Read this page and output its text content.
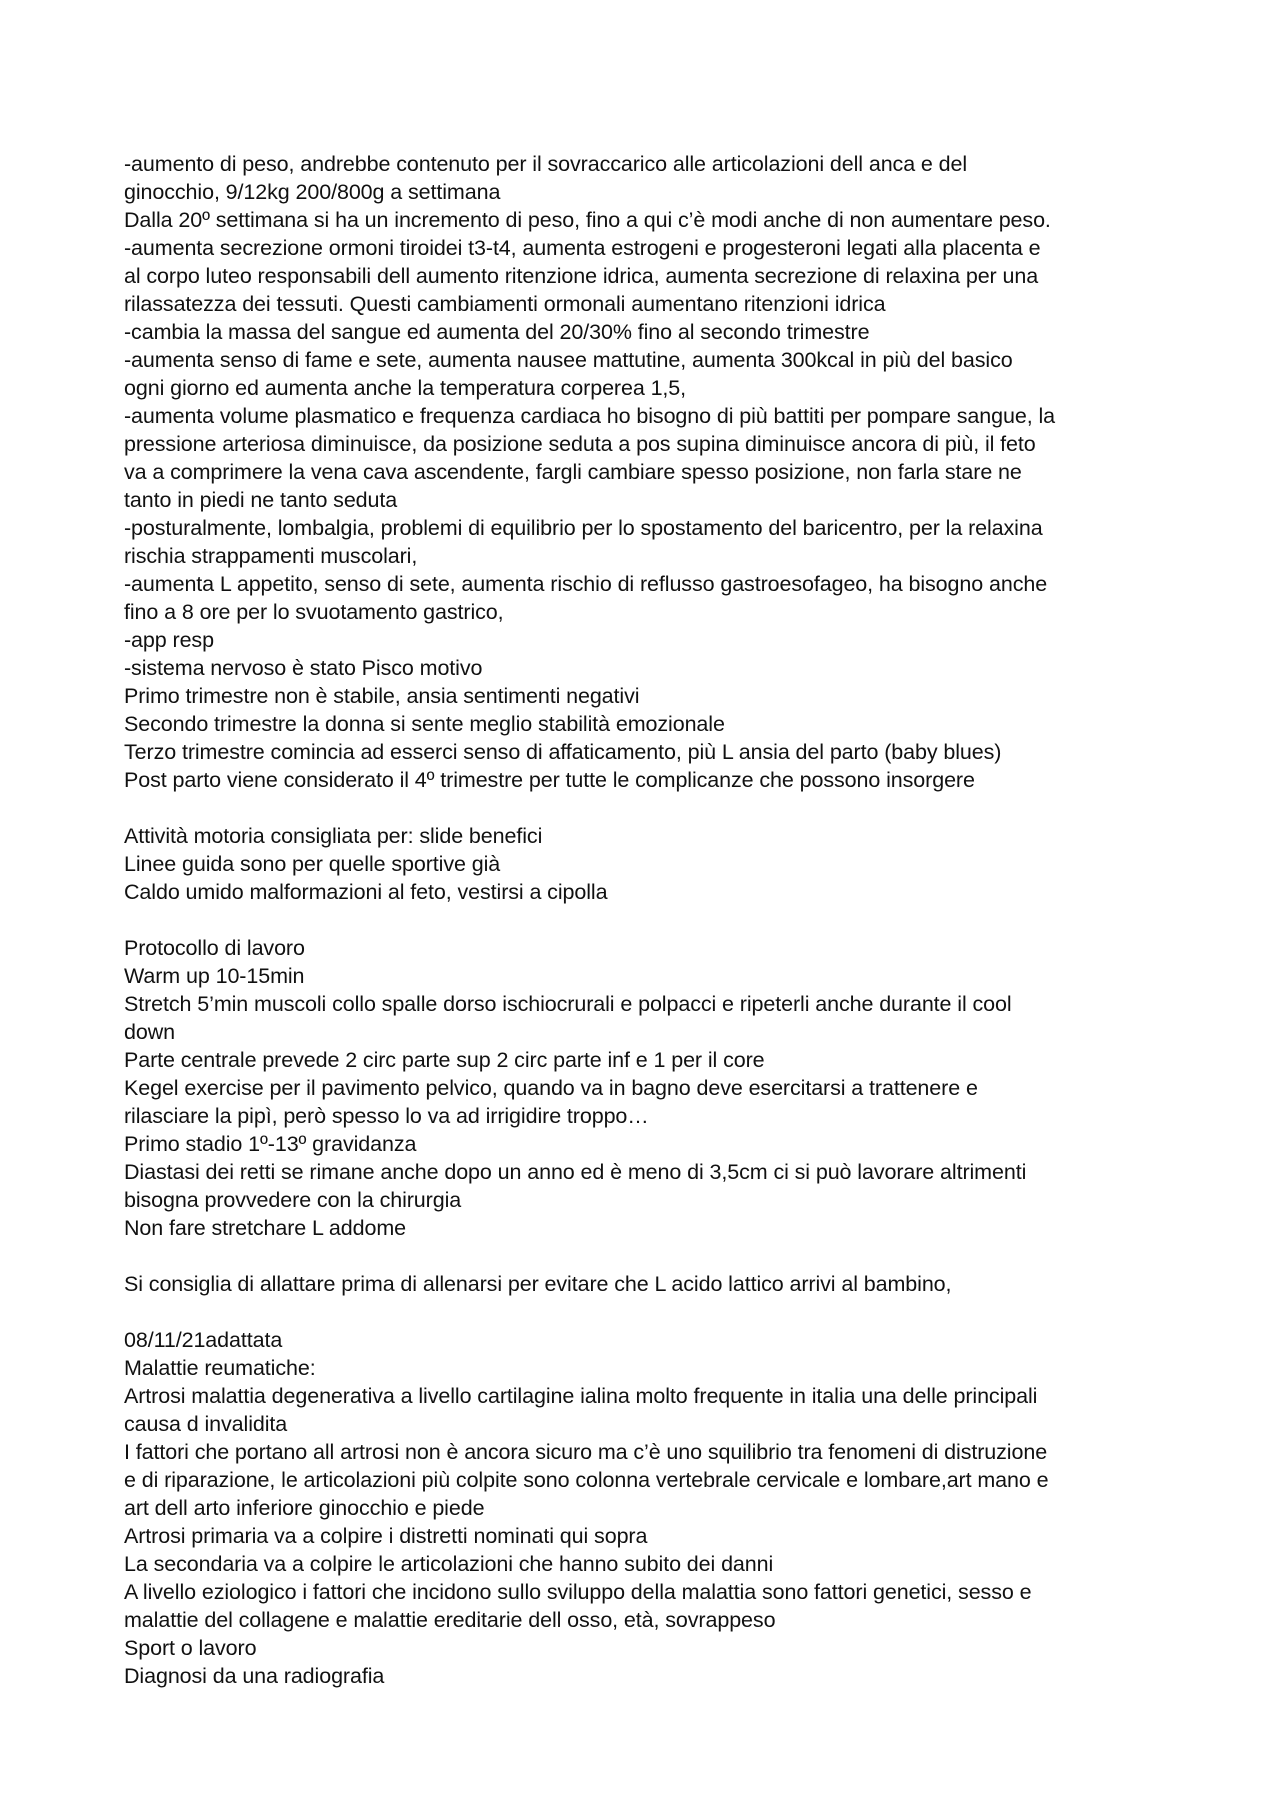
-aumento di peso, andrebbe contenuto per il sovraccarico alle articolazioni dell anca e del
ginocchio, 9/12kg 200/800g a settimana
Dalla 20º settimana si ha un incremento di peso, fino a qui c’è modi anche di non aumentare peso.
-aumenta secrezione ormoni tiroidei t3-t4, aumenta estrogeni e progesteroni legati alla placenta e
al corpo luteo responsabili dell aumento ritenzione idrica, aumenta secrezione di relaxina per una
rilassatezza dei tessuti. Questi cambiamenti ormonali aumentano ritenzioni idrica
-cambia la massa del sangue ed aumenta del 20/30% fino al secondo trimestre
-aumenta senso di fame e sete, aumenta nausee mattutine, aumenta 300kcal in più del basico
ogni giorno ed aumenta anche la temperatura corperea 1,5,
-aumenta volume plasmatico e frequenza cardiaca ho bisogno di più battiti per pompare sangue, la
pressione arteriosa diminuisce, da posizione seduta a pos supina diminuisce ancora di più, il feto
va a comprimere la vena cava ascendente, fargli cambiare spesso posizione, non farla stare ne
tanto in piedi ne tanto seduta
-posturalmente, lombalgia, problemi di equilibrio per lo spostamento del baricentro, per la relaxina
rischia strappamenti muscolari,
-aumenta L appetito, senso di sete, aumenta rischio di reflusso gastroesofageo, ha bisogno anche
fino a 8 ore per lo svuotamento gastrico,
-app resp
-sistema nervoso è stato Pisco motivo
Primo trimestre non è stabile, ansia sentimenti negativi
Secondo trimestre la donna si sente meglio stabilità emozionale
Terzo trimestre comincia ad esserci senso di affaticamento, più L ansia del parto (baby blues)
Post parto viene considerato il 4º trimestre per tutte le complicanze che possono insorgere
Attività motoria consigliata per: slide benefici
Linee guida sono per quelle sportive già
Caldo umido malformazioni al feto, vestirsi a cipolla
Protocollo di lavoro
Warm up 10-15min
Stretch 5’min muscoli collo spalle dorso ischiocrurali e polpacci e ripeterli anche durante il cool
down
Parte centrale prevede 2 circ parte sup 2 circ parte inf e 1 per il core
Kegel exercise per il pavimento pelvico, quando va in bagno deve esercitarsi a trattenere e
rilasciare la pipì, però spesso lo va ad irrigidire troppo…
Primo stadio 1º-13º gravidanza
Diastasi dei retti se rimane anche dopo un anno ed è meno di 3,5cm ci si può lavorare altrimenti
bisogna provvedere con la chirurgia
Non fare stretchare L addome
Si consiglia di allattare prima di allenarsi per evitare che L acido lattico arrivi al bambino,
08/11/21adattata
Malattie reumatiche:
Artrosi malattia degenerativa a livello cartilagine ialina molto frequente in italia una delle principali
causa d invalidita
I fattori che portano all artrosi non è ancora sicuro ma c’è uno squilibrio tra fenomeni di distruzione
e di riparazione, le articolazioni più colpite sono colonna vertebrale cervicale e lombare,art mano e
art dell arto inferiore ginocchio e piede
Artrosi primaria va a colpire i distretti nominati qui sopra
La secondaria va a colpire le articolazioni che hanno subito dei danni
A livello eziologico i fattori che incidono sullo sviluppo della malattia sono fattori genetici, sesso e
malattie del collagene e malattie ereditarie dell osso, età, sovrappeso
Sport o lavoro
Diagnosi da una radiografia
